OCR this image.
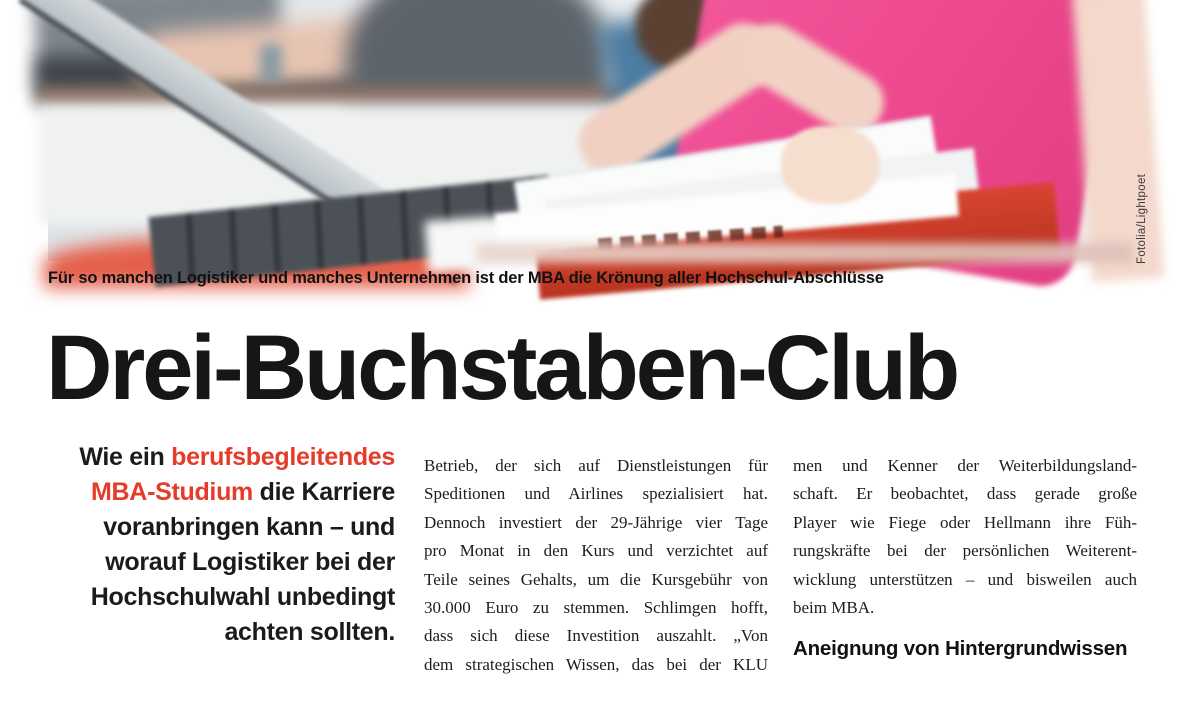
Fotolia/Lightpoet
Für so manchen Logistiker und manches Unternehmen ist der MBA die Krönung aller Hochschul-Abschlüsse
Drei-Buchstaben-Club
Wie ein berufsbegleitendes
MBA-Studium die Karriere
voranbringen kann – und
worauf Logistiker bei der
Hochschulwahl unbedingt
achten sollten.
Betrieb, der sich auf Dienstleistungen für
Speditionen und Airlines spezialisiert hat.
Dennoch investiert der 29-Jährige vier Tage
pro Monat in den Kurs und verzichtet auf
Teile seines Gehalts, um die Kursgebühr von
30.000 Euro zu stemmen. Schlimgen hofft,
dass sich diese Investition auszahlt. „Von
dem strategischen Wissen, das bei der KLU
men und Kenner der Weiterbildungsland-
schaft. Er beobachtet, dass gerade große
Player wie Fiege oder Hellmann ihre Füh-
rungskräfte bei der persönlichen Weiterent-
wicklung unterstützen – und bisweilen auch
beim MBA.
Aneignung von Hintergrundwissen
